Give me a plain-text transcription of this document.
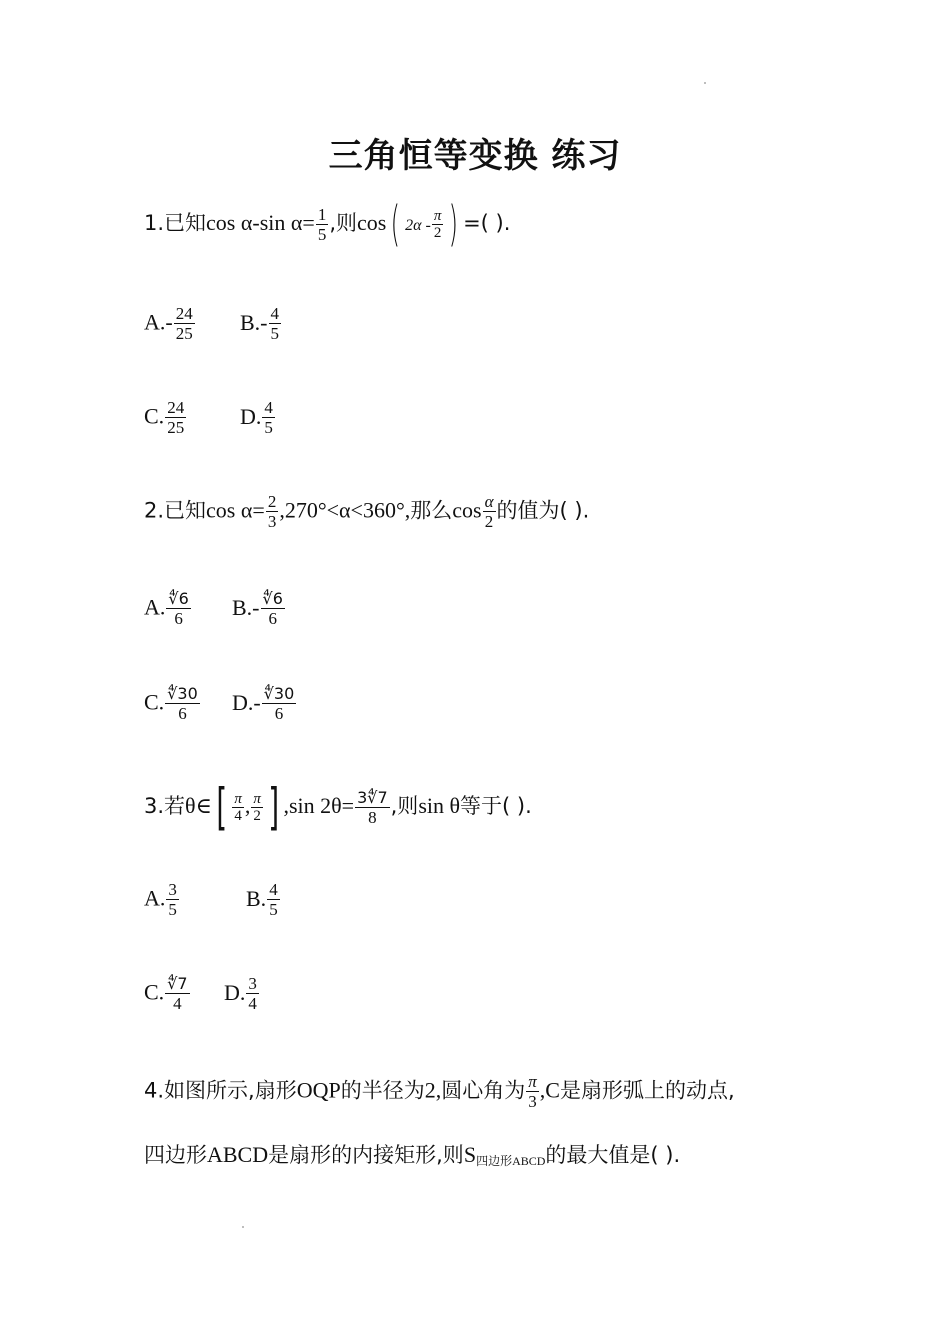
三角恒等变换 练习
1.已知cos α-sin $\alpha= \frac{1}{5}$ ,则cos( $2\alpha - \frac{\pi}{2}$ ) =( ).
$A.- \frac{24}{25} B.- \frac{4}{5}$
C. $\frac{24}{25} D$. $\frac{4}{5}$
2.已知$\cos \alpha= \frac{2}{3} ,270^\circ<\alpha<360^\circ$,那么$\cos \frac{\alpha}{2}$ 的值为( ).
A. $\frac{￼∜6}{6} B.- \frac{￼∜6}{6}$
C. $\frac{￼∜30}{6} D.- \frac{￼∜30}{6}$
3.若θ∈[ $\frac{\pi}{4}$ , $\frac{\pi}{2}$ ] ,sin $2\theta= \frac{3￼∜7}{8}$ ,则sin θ等于( ).
A. $\frac{3}{5}$	B. $\frac{4}{5}$
C. $\frac{￼∜7}{4} D$. $\frac{3}{4}$
4.如图所示,扇形OQP的半径为2,圆心角为 $\frac{\pi}{3} ,C$是扇形弧上的动点,
四边形ABCD是扇形的内接矩形,则$S_{四边形ABCD}$的最大值是( ).
